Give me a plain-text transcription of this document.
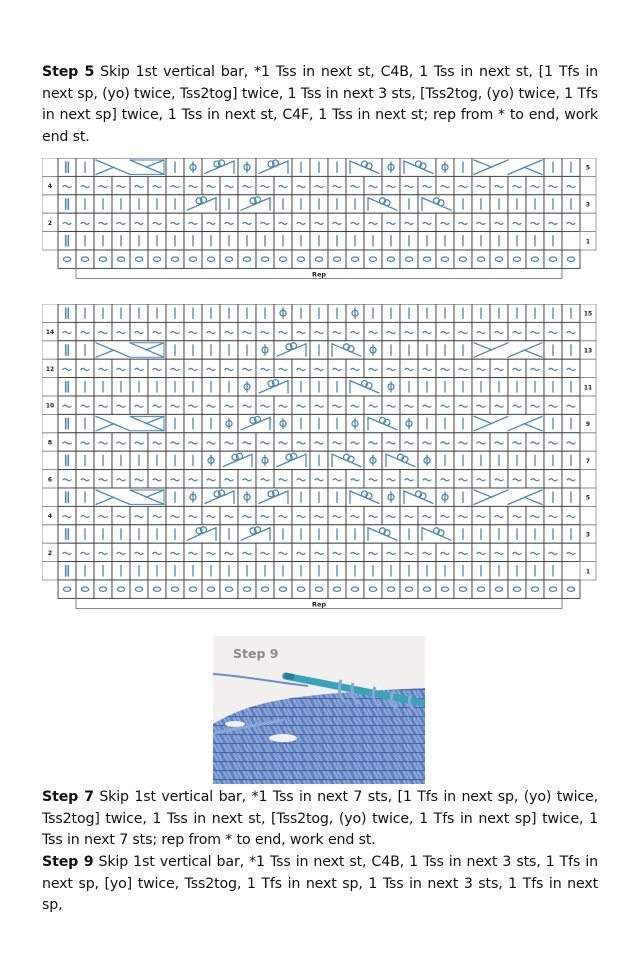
Step 5 Skip 1st vertical bar, *1 Tss in next st, C4B, 1 Tss in next st, [1 Tfs in next sp, (yo) twice, Tss2tog] twice, 1 Tss in next 3 sts, [Tss2tog, (yo) twice, 1 Tfs in next sp] twice, 1 Tss in next st, C4F, 1 Tss in next st; rep from * to end, work end st.
5
4
3
2
1
Rep
15
14
13
12
11
10
9
8
7
6
5
4
3
2
1
Rep
Step 9
Step 7 Skip 1st vertical bar, *1 Tss in next 7 sts, [1 Tfs in next sp, (yo) twice, Tss2tog] twice, 1 Tss in next st, [Tss2tog, (yo) twice, 1 Tfs in next sp] twice, 1 Tss in next 7 sts; rep from * to end, work end st.
Step 9 Skip 1st vertical bar, *1 Tss in next st, C4B, 1 Tss in next 3 sts, 1 Tfs in next sp, [yo] twice, Tss2tog, 1 Tfs in next sp, 1 Tss in next 3 sts, 1 Tfs in next sp,
